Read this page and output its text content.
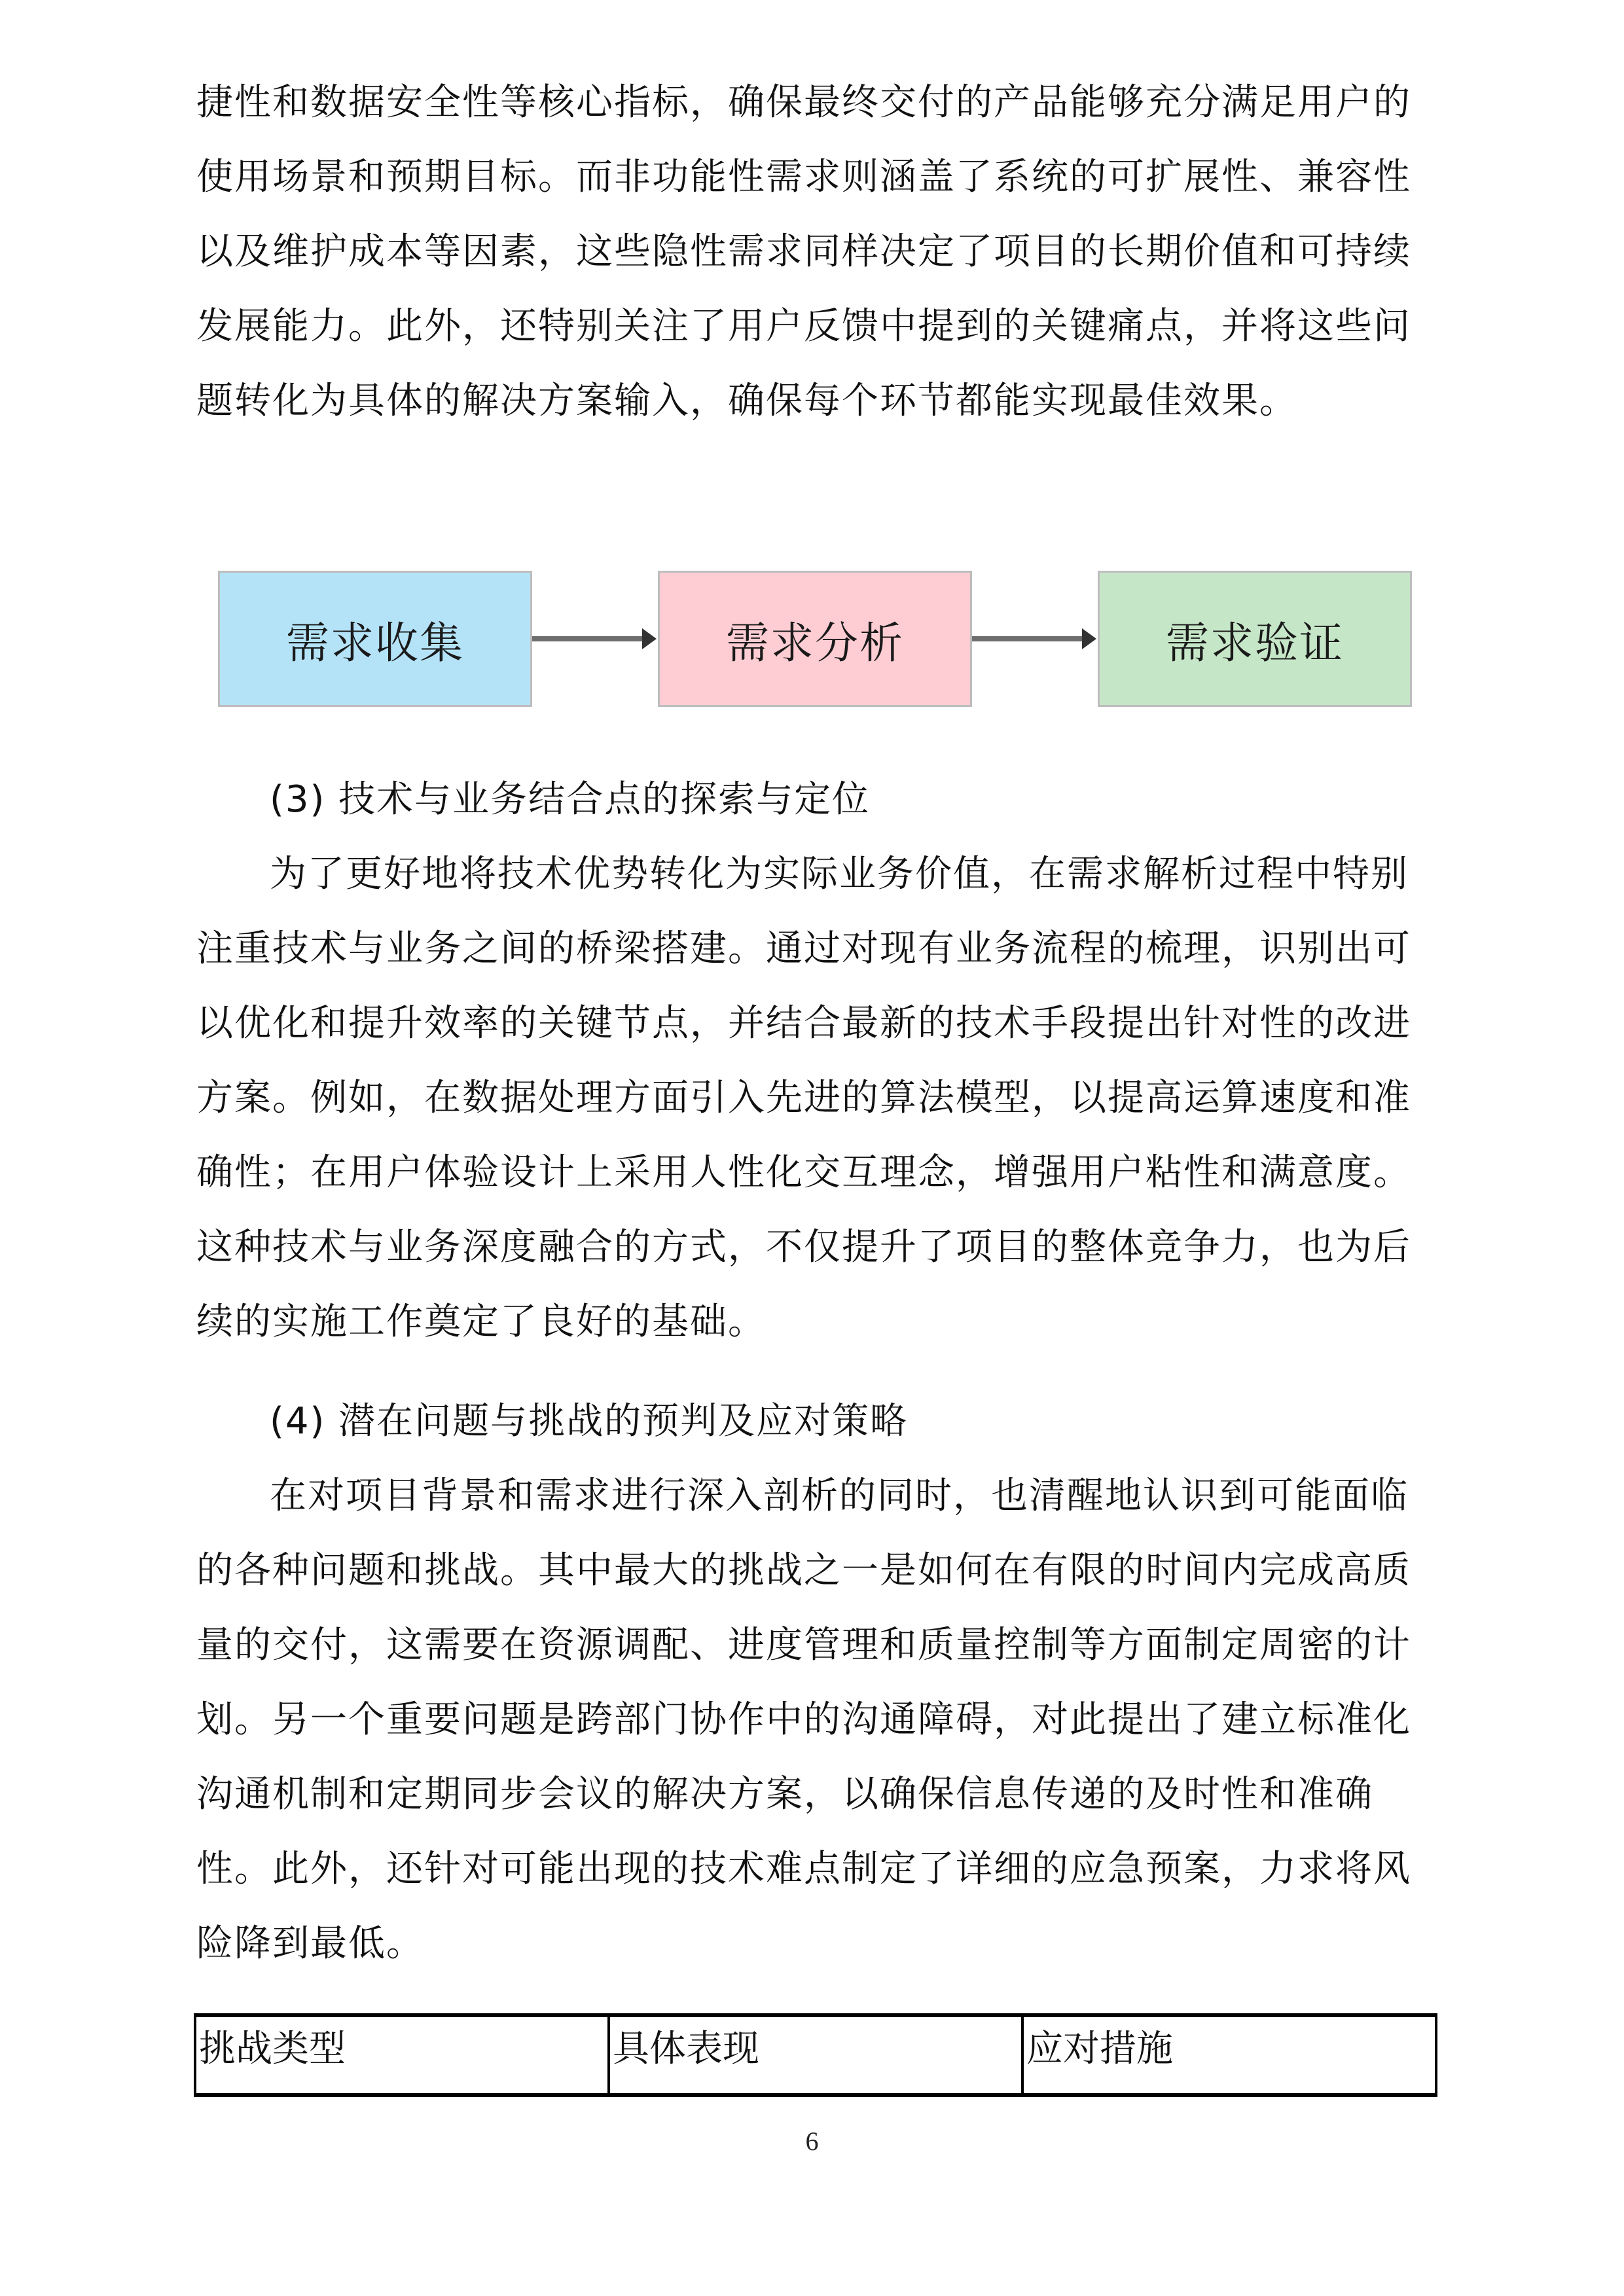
捷性和数据安全性等核心指标，确保最终交付的产品能够充分满足用户的
使用场景和预期目标。而非功能性需求则涵盖了系统的可扩展性、兼容性
以及维护成本等因素，这些隐性需求同样决定了项目的长期价值和可持续
发展能力。此外，还特别关注了用户反馈中提到的关键痛点，并将这些问
题转化为具体的解决方案输入，确保每个环节都能实现最佳效果。

需求收集	需求分析	需求验证

(3) 技术与业务结合点的探索与定位

为了更好地将技术优势转化为实际业务价值，在需求解析过程中特别
注重技术与业务之间的桥梁搭建。通过对现有业务流程的梳理，识别出可
以优化和提升效率的关键节点，并结合最新的技术手段提出针对性的改进
方案。例如，在数据处理方面引入先进的算法模型，以提高运算速度和准
确性；在用户体验设计上采用人性化交互理念，增强用户粘性和满意度。
这种技术与业务深度融合的方式，不仅提升了项目的整体竞争力，也为后
续的实施工作奠定了良好的基础。

(4) 潜在问题与挑战的预判及应对策略

在对项目背景和需求进行深入剖析的同时，也清醒地认识到可能面临
的各种问题和挑战。其中最大的挑战之一是如何在有限的时间内完成高质
量的交付，这需要在资源调配、进度管理和质量控制等方面制定周密的计
划。另一个重要问题是跨部门协作中的沟通障碍，对此提出了建立标准化
沟通机制和定期同步会议的解决方案，以确保信息传递的及时性和准确
性。此外，还针对可能出现的技术难点制定了详细的应急预案，力求将风
险降到最低。

挑战类型	具体表现	应对措施
6
